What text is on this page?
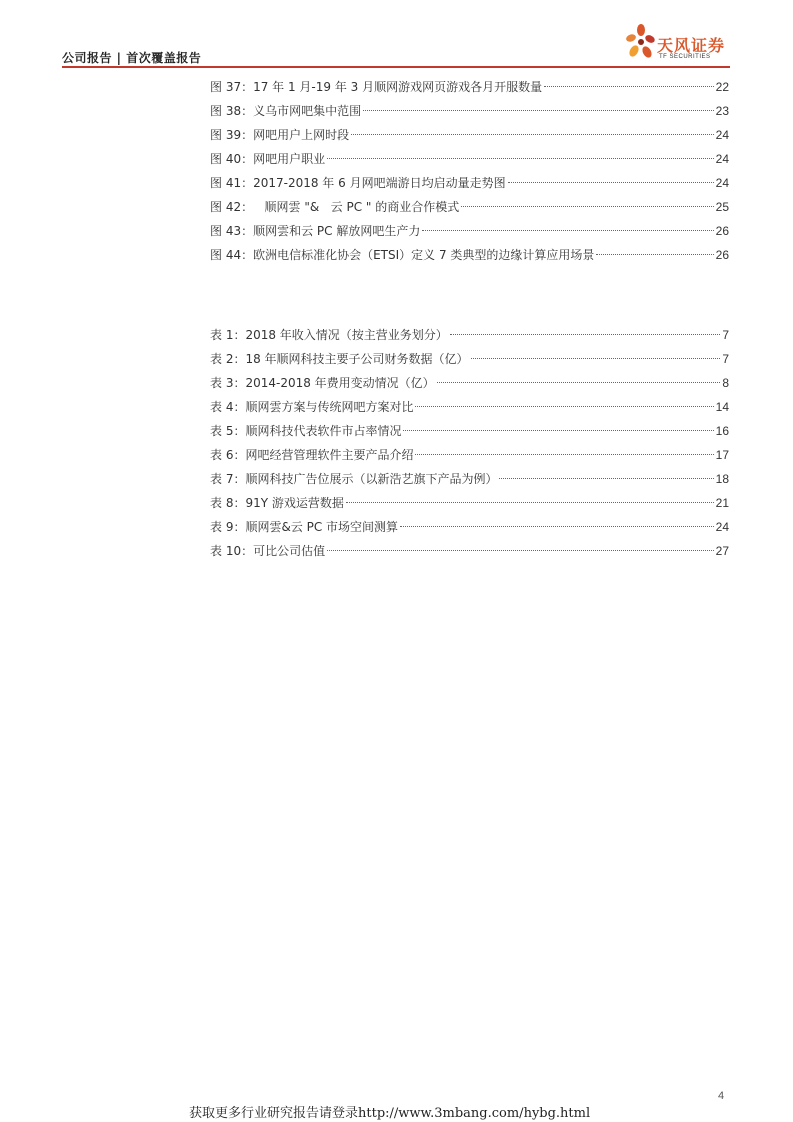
公司报告 | 首次覆盖报告
天风证券
TF SECURITIES
图 37：17 年 1 月-19 年 3 月顺网游戏网页游戏各月开服数量	22
图 38：义乌市网吧集中范围	23
图 39：网吧用户上网时段	24
图 40：网吧用户职业	24
图 41：2017-2018 年 6 月网吧端游日均启动量走势图	24
图 42：   顺网雲 "&   云 PC " 的商业合作模式	25
图 43：顺网雲和云 PC 解放网吧生产力	26
图 44：欧洲电信标准化协会（ETSI）定义 7 类典型的边缘计算应用场景	26
表 1：2018 年收入情况（按主营业务划分）	7
表 2：18 年顺网科技主要子公司财务数据（亿）	7
表 3：2014-2018 年费用变动情况（亿）	8
表 4：顺网雲方案与传统网吧方案对比	14
表 5：顺网科技代表软件市占率情况	16
表 6：网吧经营管理软件主要产品介绍	17
表 7：顺网科技广告位展示（以新浩艺旗下产品为例）	18
表 8：91Y 游戏运营数据	21
表 9：顺网雲&云 PC 市场空间测算	24
表 10：可比公司估值	27
4
获取更多行业研究报告请登录http://www.3mbang.com/hybg.html
